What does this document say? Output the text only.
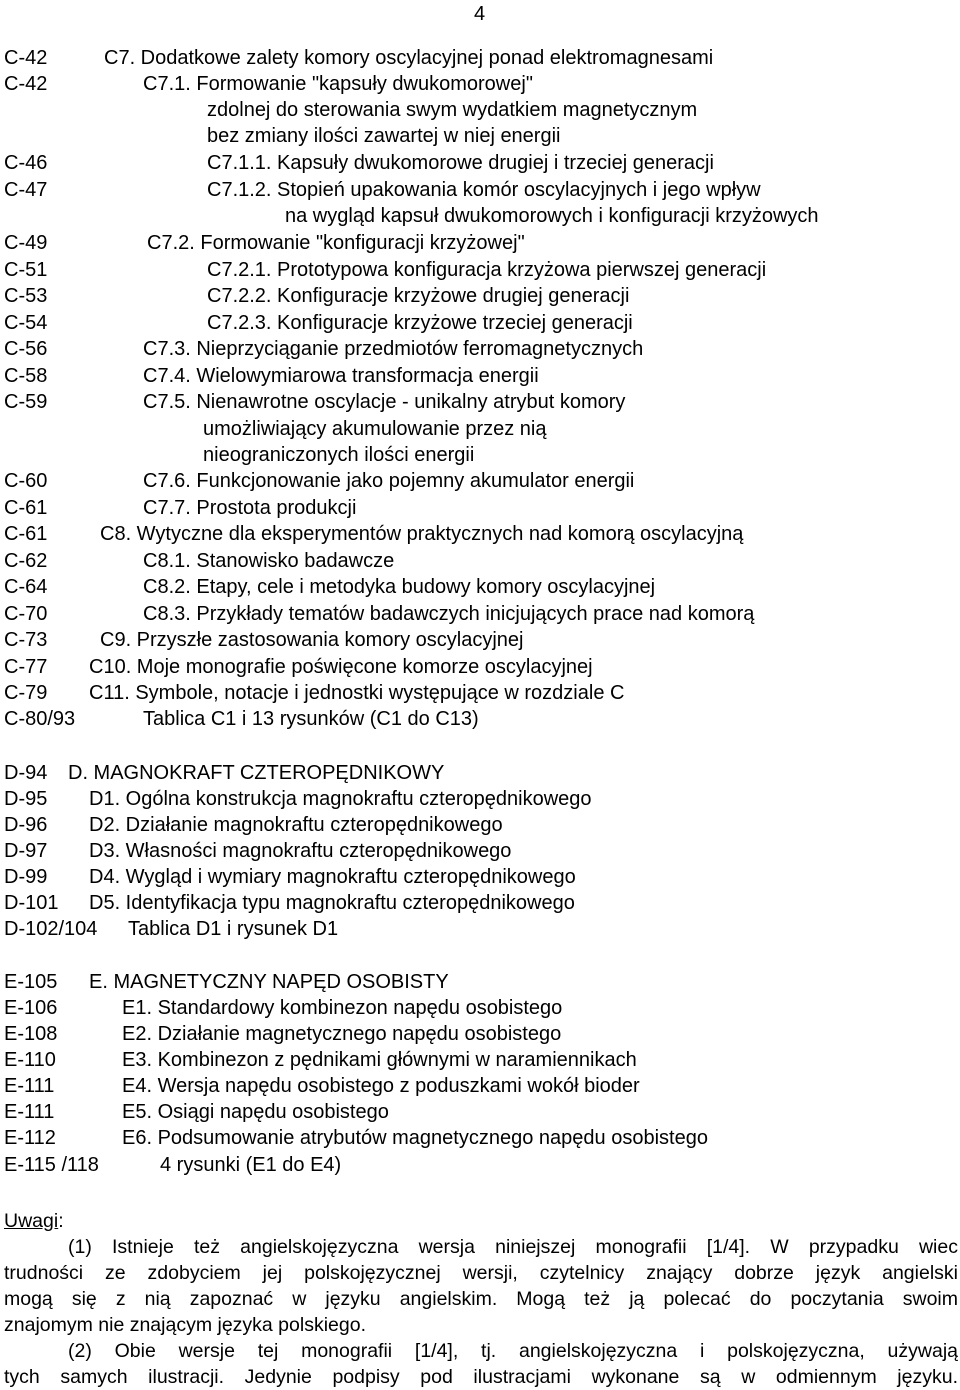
4
C-42	C7. Dodatkowe zalety komory oscylacyjnej ponad elektromagnesami
C-42	C7.1. Formowanie "kapsuły dwukomorowej"
zdolnej do sterowania swym wydatkiem magnetycznym
bez zmiany ilości zawartej w niej energii
C-46	C7.1.1. Kapsuły dwukomorowe drugiej i trzeciej generacji
C-47	C7.1.2. Stopień upakowania komór oscylacyjnych i jego wpływ
na wygląd kapsuł dwukomorowych i konfiguracji krzyżowych
C-49	C7.2. Formowanie "konfiguracji krzyżowej"
C-51	C7.2.1. Prototypowa konfiguracja krzyżowa pierwszej generacji
C-53	C7.2.2. Konfiguracje krzyżowe drugiej generacji
C-54	C7.2.3. Konfiguracje krzyżowe trzeciej generacji
C-56	C7.3. Nieprzyciąganie przedmiotów ferromagnetycznych
C-58	C7.4. Wielowymiarowa transformacja energii
C-59	C7.5. Nienawrotne oscylacje - unikalny atrybut komory
umożliwiający akumulowanie przez nią
nieograniczonych ilości energii
C-60	C7.6. Funkcjonowanie jako pojemny akumulator energii
C-61	C7.7. Prostota produkcji
C-61	C8. Wytyczne dla eksperymentów praktycznych nad komorą oscylacyjną
C-62	C8.1. Stanowisko badawcze
C-64	C8.2. Etapy, cele i metodyka budowy komory oscylacyjnej
C-70	C8.3. Przykłady tematów badawczych inicjujących prace nad komorą
C-73	C9. Przyszłe zastosowania komory oscylacyjnej
C-77 C10. Moje monografie poświęcone komorze oscylacyjnej
C-79 C11. Symbole, notacje i jednostki występujące w rozdziale C
C-80/93	Tablica C1 i 13 rysunków (C1 do C13)
D-94 D. MAGNOKRAFT CZTEROPĘDNIKOWY
D-95 D1. Ogólna konstrukcja magnokraftu czteropędnikowego
D-96 D2. Działanie magnokraftu czteropędnikowego
D-97 D3. Własności magnokraftu czteropędnikowego
D-99 D4. Wygląd i wymiary magnokraftu czteropędnikowego
D-101 D5. Identyfikacja typu magnokraftu czteropędnikowego
D-102/104 Tablica D1 i rysunek D1
E-105 E. MAGNETYCZNY NAPĘD OSOBISTY
E-106	E1. Standardowy kombinezon napędu osobistego
E-108	E2. Działanie magnetycznego napędu osobistego
E-110	E3. Kombinezon z pędnikami głównymi w naramiennikach
E-111	E4. Wersja napędu osobistego z poduszkami wokół bioder
E-111	E5. Osiągi napędu osobistego
E-112	E6. Podsumowanie atrybutów magnetycznego napędu osobistego
E-115 /118	4 rysunki (E1 do E4)
Uwagi:
(1) Istnieje też angielskojęzyczna wersja niniejszej monografii [1/4]. W przypadku wiec
trudności ze zdobyciem jej polskojęzycznej wersji, czytelnicy znający dobrze język angielski
mogą się z nią zapoznać w języku angielskim. Mogą też ją polecać do poczytania swoim
znajomym nie znającym języka polskiego.
(2) Obie wersje tej monografii [1/4], tj. angielskojęzyczna i polskojęzyczna, używają
tych samych ilustracji. Jedynie podpisy pod ilustracjami wykonane są w odmiennym języku.
